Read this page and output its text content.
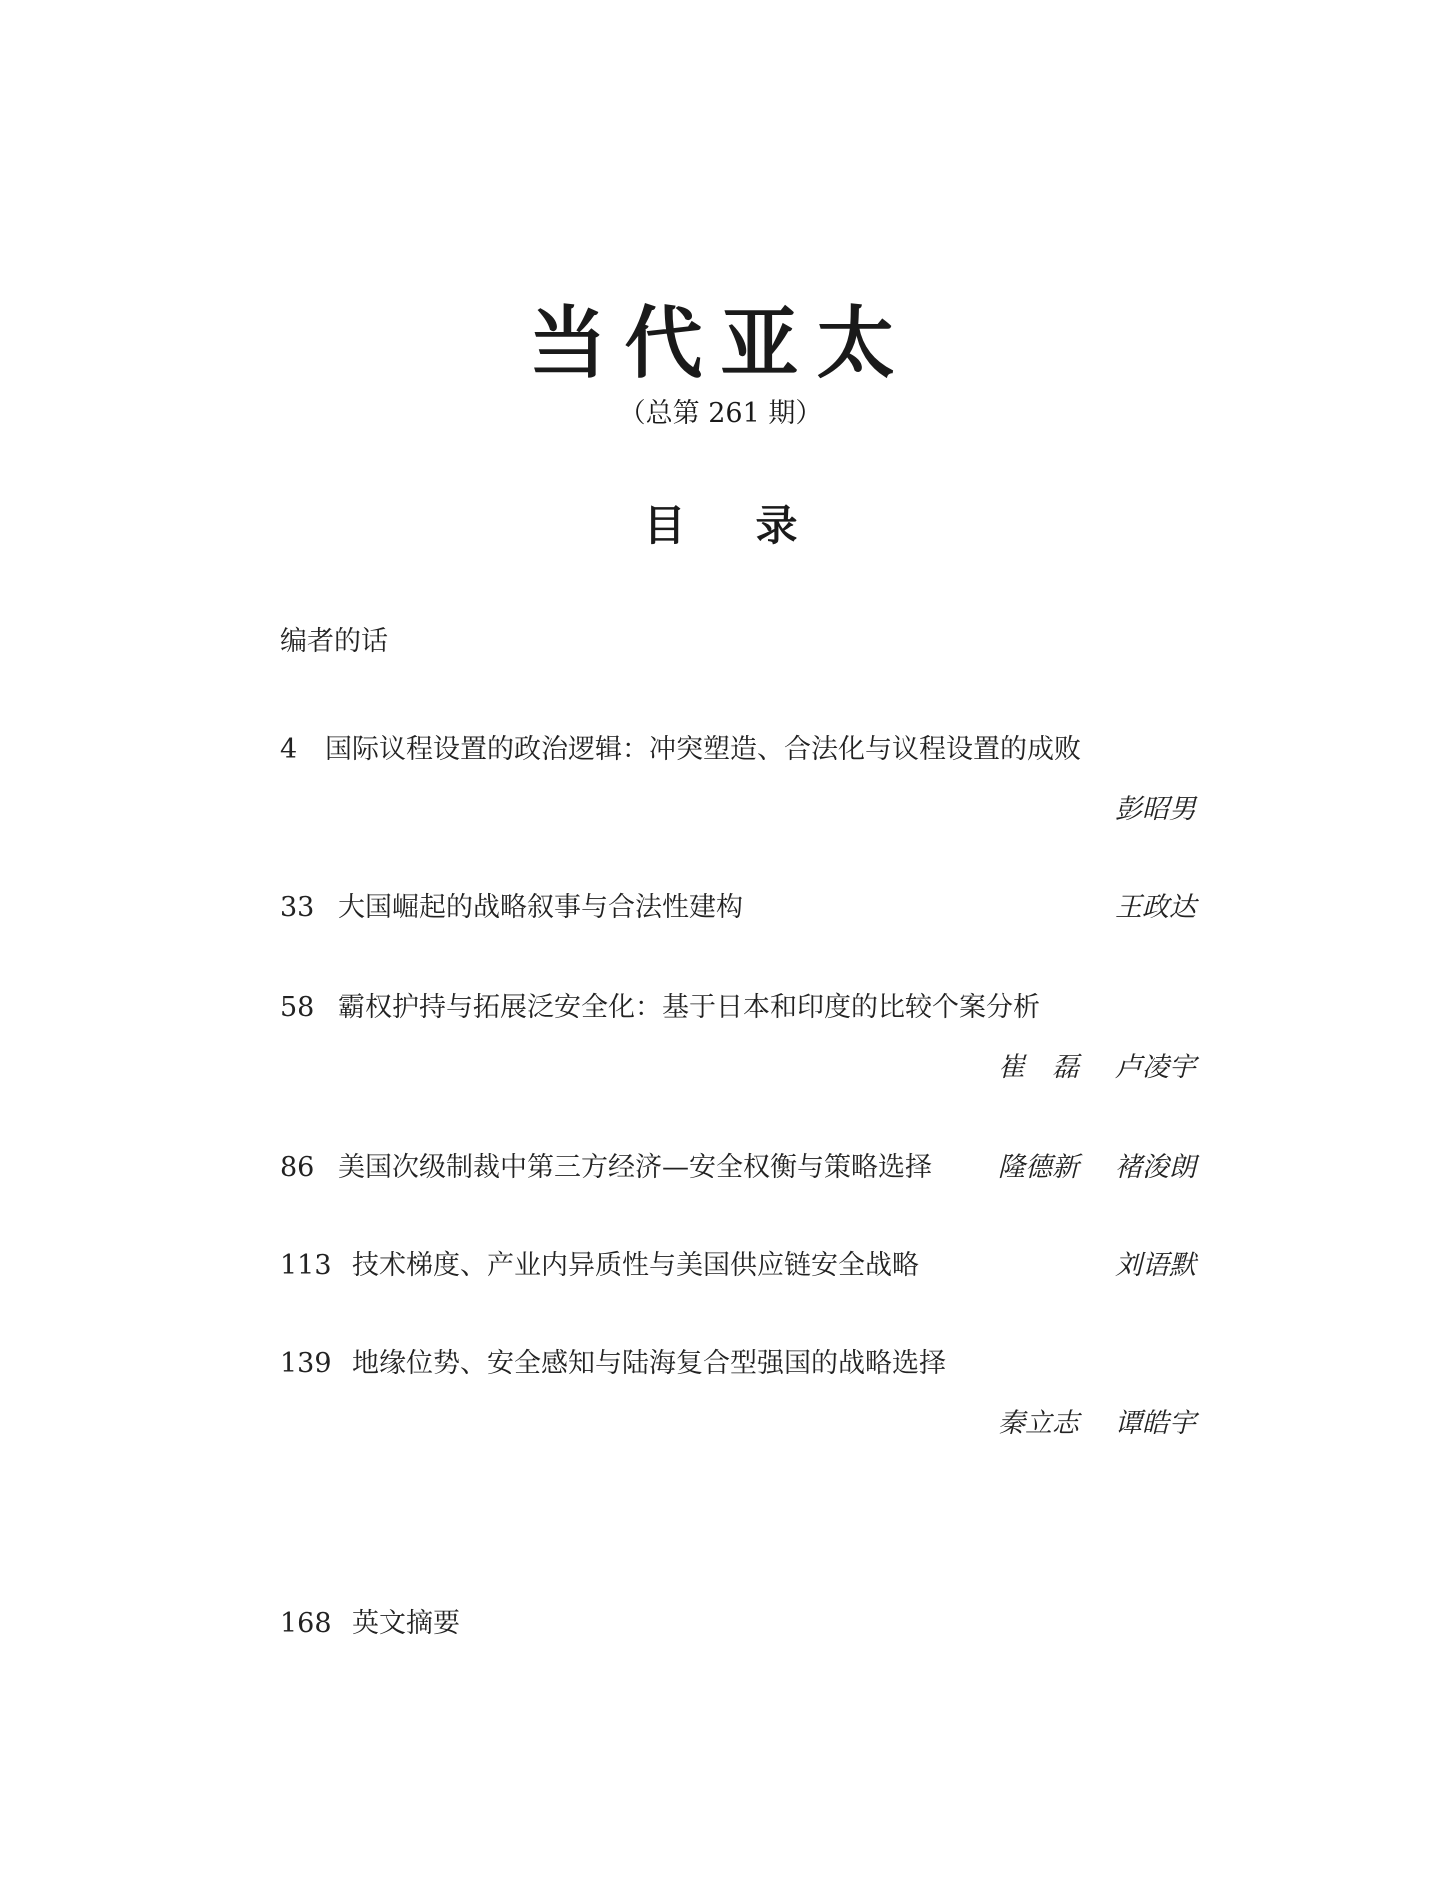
当代亚太
（总第 261 期）
目 录
编者的话
4 国际议程设置的政治逻辑：冲突塑造、合法化与议程设置的成败
彭昭男
33 大国崛起的战略叙事与合法性建构	王政达
58 霸权护持与拓展泛安全化：基于日本和印度的比较个案分析
崔　磊 卢凌宇
86 美国次级制裁中第三方经济—安全权衡与策略选择 隆德新 褚浚朗
113 技术梯度、产业内异质性与美国供应链安全战略	刘语默
139 地缘位势、安全感知与陆海复合型强国的战略选择
秦立志 谭皓宇
168 英文摘要
